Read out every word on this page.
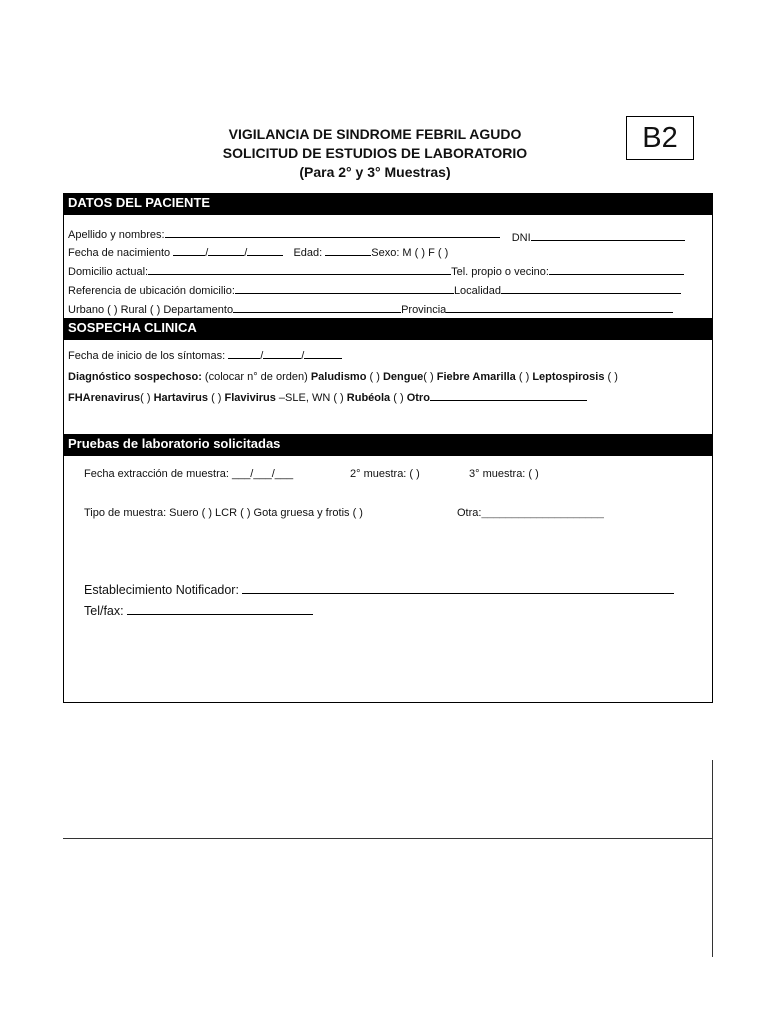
VIGILANCIA DE SINDROME FEBRIL AGUDO
SOLICITUD DE ESTUDIOS DE LABORATORIO
(Para 2° y 3° Muestras)
B2
DATOS DEL PACIENTE
Apellido y nombres:	DNI
Fecha de nacimiento	/	/	Edad:	Sexo: M ( ) F ( )
Domicilio actual:	Tel. propio o vecino:
Referencia de ubicación domicilio:	Localidad
Urbano ( ) Rural ( ) Departamento	Provincia
SOSPECHA CLINICA
Fecha de inicio de los síntomas:	/	/
Diagnóstico sospechoso: (colocar n° de orden) Paludismo ( ) Dengue( ) Fiebre Amarilla ( ) Leptospirosis ( )
FHArenavirus( ) Hartavirus ( ) Flavivirus –SLE, WN ( ) Rubéola ( ) Otro
Pruebas de laboratorio solicitadas
Fecha extracción de muestra: ___/___/___	2° muestra: ( )	3° muestra: ( )
Tipo de muestra: Suero ( ) LCR ( ) Gota gruesa y frotis ( )	Otra:____________________
Establecimiento Notificador:
Tel/fax:
